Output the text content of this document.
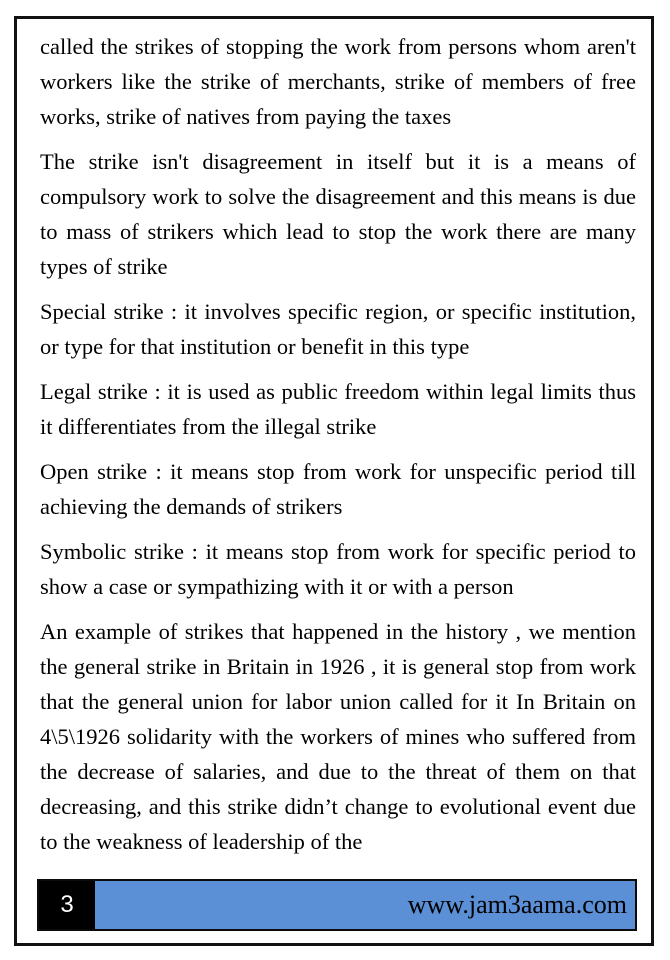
called the strikes of stopping the work from persons whom aren't workers like the strike of merchants, strike of members of free works, strike of natives from paying the taxes

The strike isn't disagreement in itself but it is a means of compulsory work to solve the disagreement and this means is due to mass of strikers which lead to stop the work there are many types of strike

Special strike : it involves specific region, or specific institution, or type for that institution or benefit in this type

Legal strike : it is used as public freedom within legal limits thus it differentiates from the illegal strike

Open strike : it means stop from work for unspecific period till achieving the demands of strikers

Symbolic strike : it means stop from work for specific period to show a case or sympathizing with it or with a person

An example of strikes that happened in the history , we mention the general strike in Britain in 1926 , it is general stop from work that the general union for labor union called for it In Britain on 4\5\1926 solidarity with the workers of mines who suffered from the decrease of salaries, and due to the threat of them on that decreasing, and this strike didn’t change to evolutional event due to the weakness of leadership of the

3	www.jam3aama.com
